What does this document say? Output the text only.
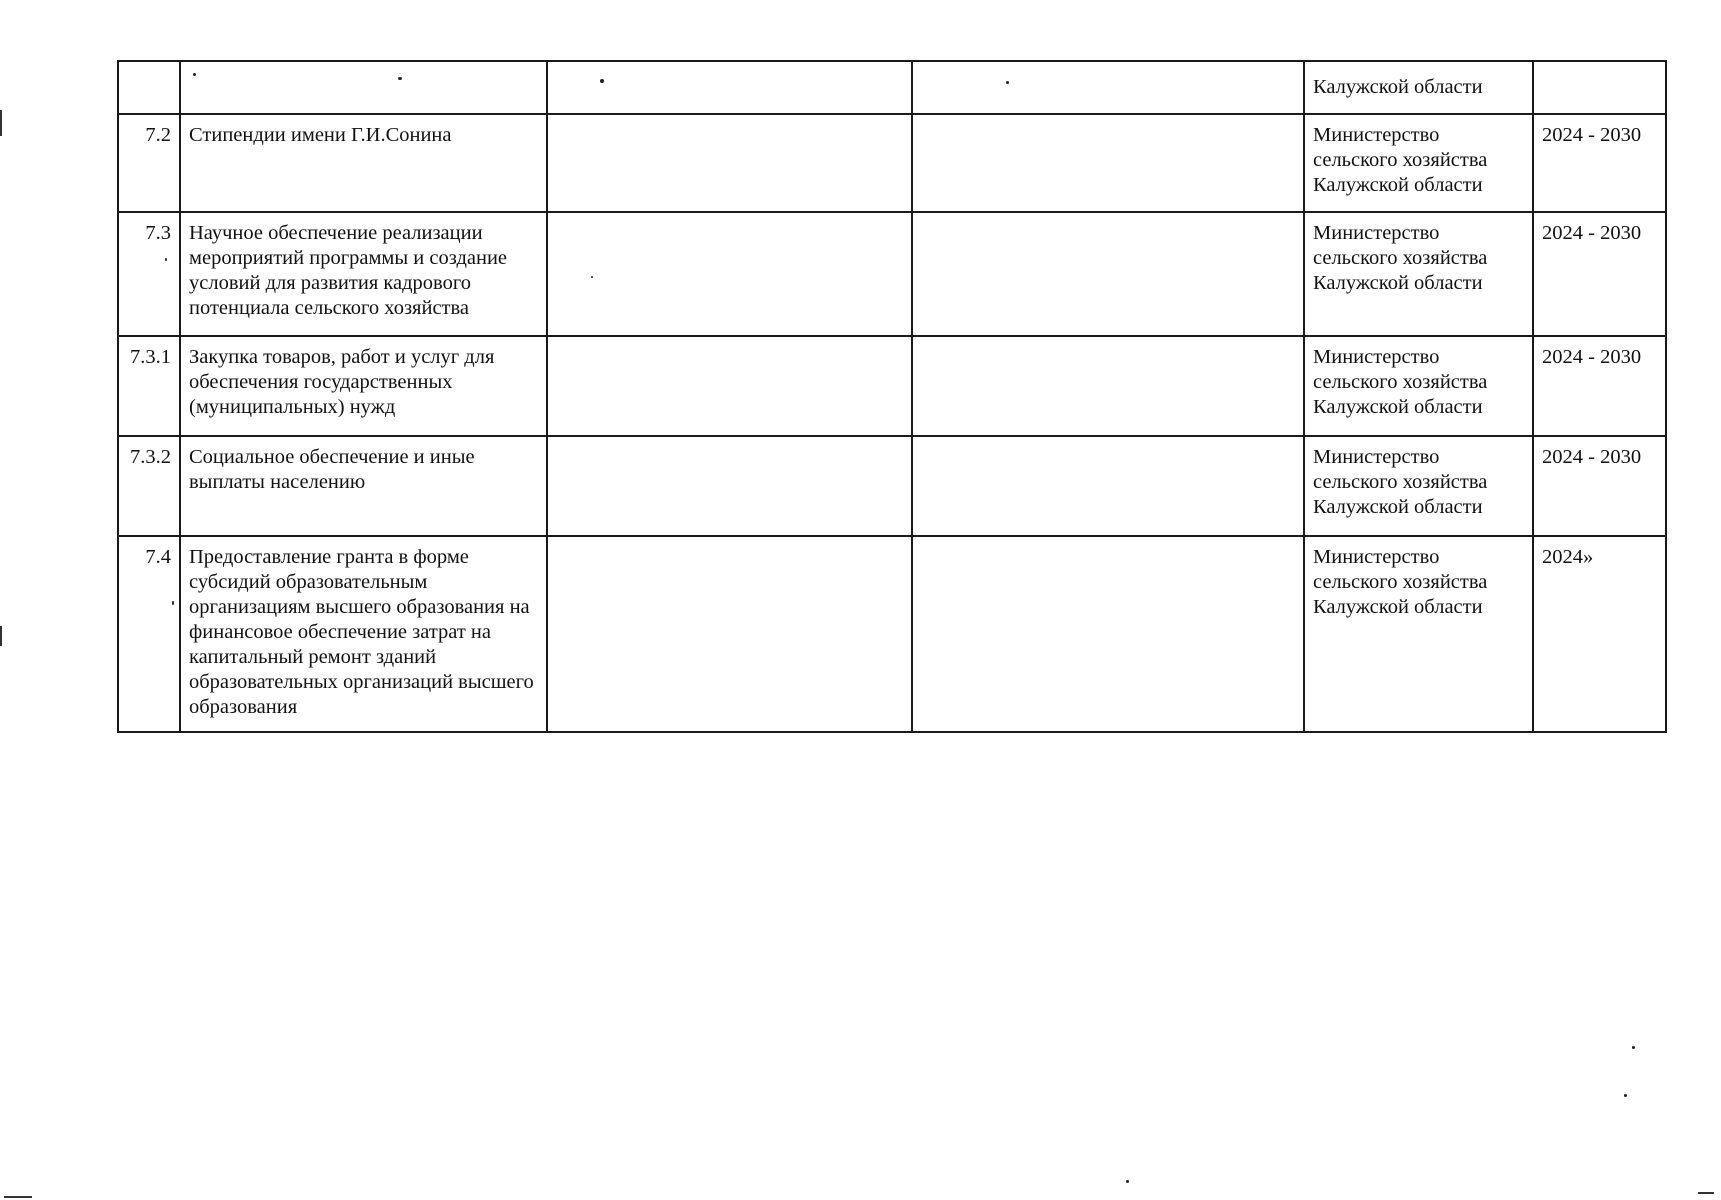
				Калужской области	
7.2	Стипендии имени Г.И.Сонина			Министерство сельского хозяйства Калужской области	2024 - 2030
7.3	Научное обеспечение реализации мероприятий программы и создание условий для развития кадрового потенциала сельского хозяйства			Министерство сельского хозяйства Калужской области	2024 - 2030
7.3.1	Закупка товаров, работ и услуг для обеспечения государственных (муниципальных) нужд			Министерство сельского хозяйства Калужской области	2024 - 2030
7.3.2	Социальное обеспечение и иные выплаты населению			Министерство сельского хозяйства Калужской области	2024 - 2030
7.4	Предоставление гранта в форме субсидий образовательным организациям высшего образования на финансовое обеспечение затрат на капитальный ремонт зданий образовательных организаций высшего образования			Министерство сельского хозяйства Калужской области	2024»
